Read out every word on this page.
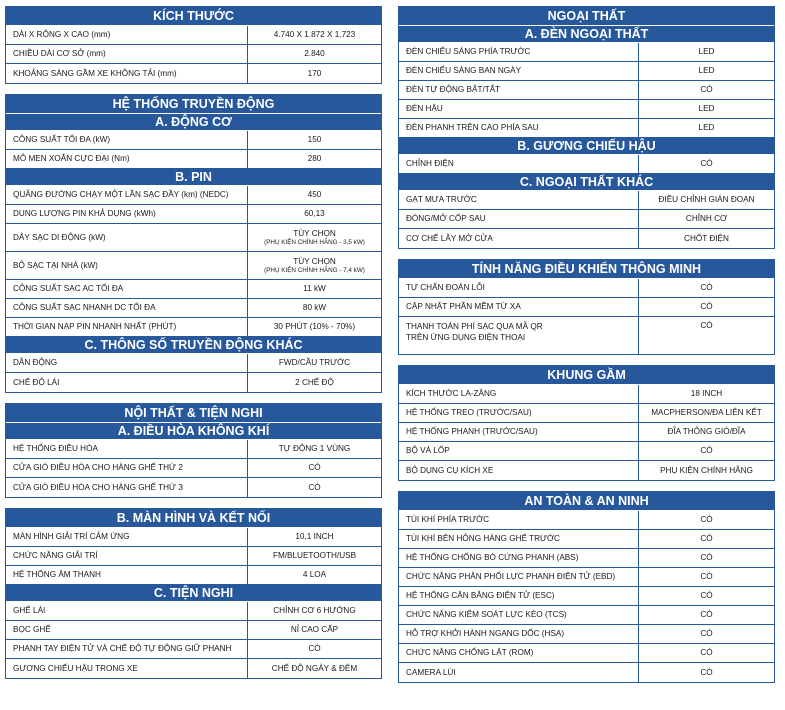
KÍCH THƯỚC
DÀI X RỘNG X CAO (mm)	4.740 X 1.872 X 1.723
CHIỀU DÀI CƠ SỞ (mm)	2.840
KHOẢNG SÁNG GẦM XE KHÔNG TẢI (mm)	170
HỆ THỐNG TRUYỀN ĐỘNG
A. ĐỘNG CƠ
CÔNG SUẤT TỐI ĐA (kW)	150
MÔ MEN XOẮN CỰC ĐẠI (Nm)	280
B. PIN
QUÃNG ĐƯỜNG CHẠY MỘT LẦN SẠC ĐẦY (km) (NEDC)	450
DUNG LƯỢNG PIN KHẢ DỤNG (kWh)	60,13
DÂY SẠC DI ĐỘNG (kW)	TÙY CHỌN
(PHỤ KIỆN CHÍNH HÃNG - 3,5 kW)
BỘ SẠC TẠI NHÀ (kW)	TÙY CHỌN
(PHỤ KIỆN CHÍNH HÃNG - 7,4 kW)
CÔNG SUẤT SẠC AC TỐI ĐA	11 kW
CÔNG SUẤT SẠC NHANH DC TỐI ĐA	80 kW
THỜI GIAN NẠP PIN NHANH NHẤT (PHÚT)	30 PHÚT (10% - 70%)
C. THÔNG SỐ TRUYỀN ĐỘNG KHÁC
DẪN ĐỘNG	FWD/CẦU TRƯỚC
CHẾ ĐỘ LÁI	2 CHẾ ĐỘ
NỘI THẤT & TIỆN NGHI
A. ĐIỀU HÒA KHÔNG KHÍ
HỆ THỐNG ĐIỀU HÒA	TỰ ĐỘNG 1 VÙNG
CỬA GIÓ ĐIỀU HÒA CHO HÀNG GHẾ THỨ 2	CÓ
CỬA GIÓ ĐIỀU HÒA CHO HÀNG GHẾ THỨ 3	CÓ
B. MÀN HÌNH VÀ KẾT NỐI
MÀN HÌNH GIẢI TRÍ CẢM ỨNG	10,1 INCH
CHỨC NĂNG GIẢI TRÍ	FM/BLUETOOTH/USB
HỆ THỐNG ÂM THANH	4 LOA
C. TIỆN NGHI
GHẾ LÁI	CHỈNH CƠ 6 HƯỚNG
BỌC GHẾ	NỈ CAO CẤP
PHANH TAY ĐIỆN TỬ VÀ CHẾ ĐỘ TỰ ĐỘNG GIỮ PHANH	CÓ
GƯƠNG CHIẾU HẬU TRONG XE	CHẾ ĐỘ NGÀY & ĐÊM
NGOẠI THẤT
A. ĐÈN NGOẠI THẤT
ĐÈN CHIẾU SÁNG PHÍA TRƯỚC	LED
ĐÈN CHIẾU SÁNG BAN NGÀY	LED
ĐÈN TỰ ĐỘNG BẬT/TẮT	CÓ
ĐÈN HẬU	LED
ĐÈN PHANH TRÊN CAO PHÍA SAU	LED
B. GƯƠNG CHIẾU HẬU
CHỈNH ĐIỆN	CÓ
C. NGOẠI THẤT KHÁC
GẠT MƯA TRƯỚC	ĐIỀU CHỈNH GIÁN ĐOẠN
ĐÓNG/MỞ CỐP SAU	CHỈNH CƠ
CƠ CHẾ LẪY MỞ CỬA	CHỐT ĐIỆN
TÍNH NĂNG ĐIỀU KHIỂN THÔNG MINH
TỰ CHẨN ĐOÁN LỖI	CÓ
CẬP NHẬT PHẦN MỀM TỪ XA	CÓ
THANH TOÁN PHÍ SẠC QUA MÃ QR
TRÊN ỨNG DỤNG ĐIỆN THOẠI
CÓ
KHUNG GẦM
KÍCH THƯỚC LA-ZĂNG	18 INCH
HỆ THỐNG TREO (TRƯỚC/SAU)	MACPHERSON/ĐA LIÊN KẾT
HỆ THỐNG PHANH (TRƯỚC/SAU)	ĐĨA THÔNG GIÓ/ĐĨA
BỘ VÁ LỐP	CÓ
BỘ DỤNG CỤ KÍCH XE	PHỤ KIỆN CHÍNH HÃNG
AN TOÀN & AN NINH
TÚI KHÍ PHÍA TRƯỚC	CÓ
TÚI KHÍ BÊN HÔNG HÀNG GHẾ TRƯỚC	CÓ
HỆ THỐNG CHỐNG BÓ CỨNG PHANH (ABS)	CÓ
CHỨC NĂNG PHÂN PHỐI LỰC PHANH ĐIỆN TỬ (EBD)	CÓ
HỆ THỐNG CÂN BẰNG ĐIỆN TỬ (ESC)	CÓ
CHỨC NĂNG KIỂM SOÁT LỰC KÉO (TCS)	CÓ
HỖ TRỢ KHỞI HÀNH NGANG DỐC (HSA)	CÓ
CHỨC NĂNG CHỐNG LẬT (ROM)	CÓ
CAMERA LÙI	CÓ
